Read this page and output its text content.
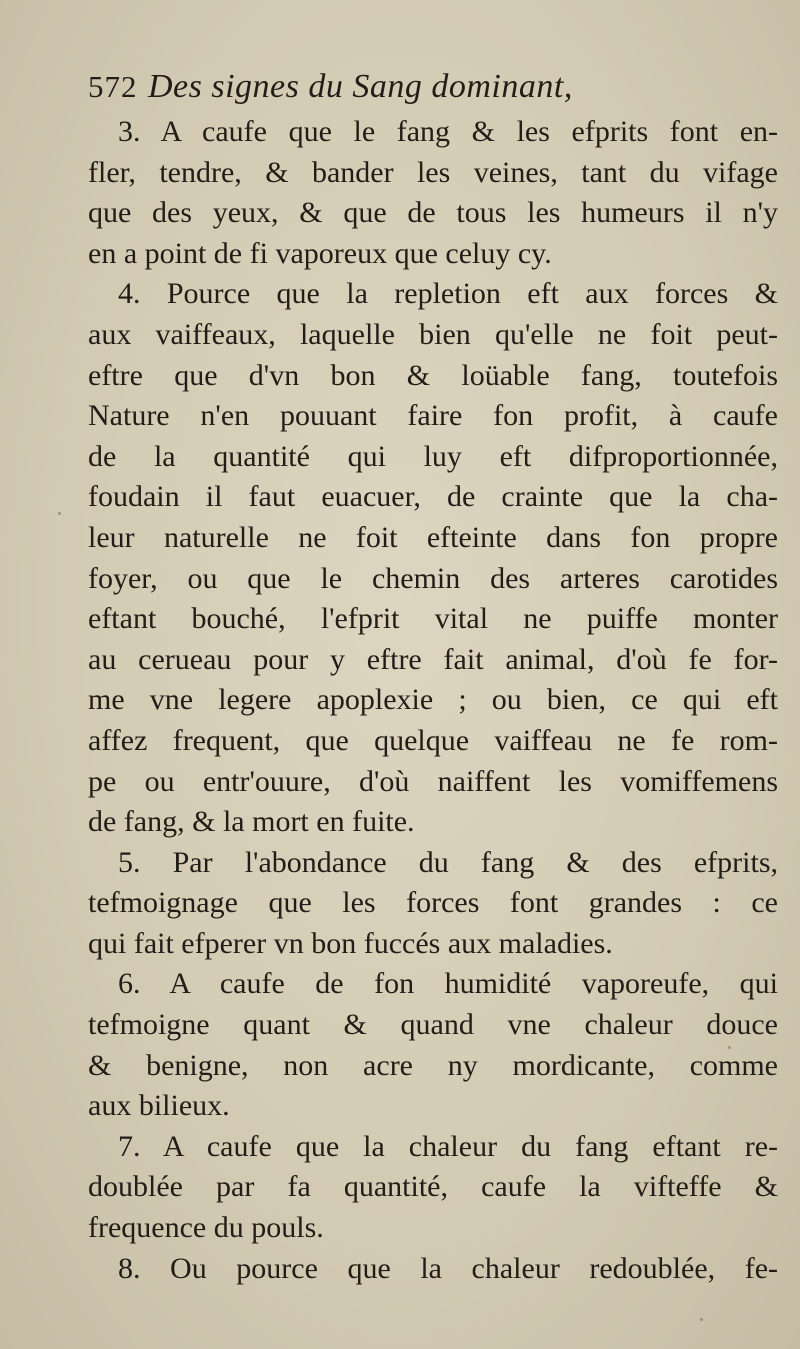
572 Des signes du Sang dominant,
3. A caufe que le fang & les efprits font en-
fler, tendre, & bander les veines, tant du vifage
que des yeux, & que de tous les humeurs il n'y
en a point de fi vaporeux que celuy cy.
4. Pource que la repletion eft aux forces &
aux vaiffeaux, laquelle bien qu'elle ne foit peut-
eftre que d'vn bon & loüable fang, toutefois
Nature n'en pouuant faire fon profit, à caufe
de la quantité qui luy eft difproportionnée,
foudain il faut euacuer, de crainte que la cha-
leur naturelle ne foit efteinte dans fon propre
foyer, ou que le chemin des arteres carotides
eftant bouché, l'efprit vital ne puiffe monter
au cerueau pour y eftre fait animal, d'où fe for-
me vne legere apoplexie ; ou bien, ce qui eft
affez frequent, que quelque vaiffeau ne fe rom-
pe ou entr'ouure, d'où naiffent les vomiffemens
de fang, & la mort en fuite.
5. Par l'abondance du fang & des efprits,
tefmoignage que les forces font grandes : ce
qui fait efperer vn bon fuccés aux maladies.
6. A caufe de fon humidité vaporeufe, qui
tefmoigne quant & quand vne chaleur douce
& benigne, non acre ny mordicante, comme
aux bilieux.
7. A caufe que la chaleur du fang eftant re-
doublée par fa quantité, caufe la vifteffe &
frequence du pouls.
8. Ou pource que la chaleur redoublée, fe-
